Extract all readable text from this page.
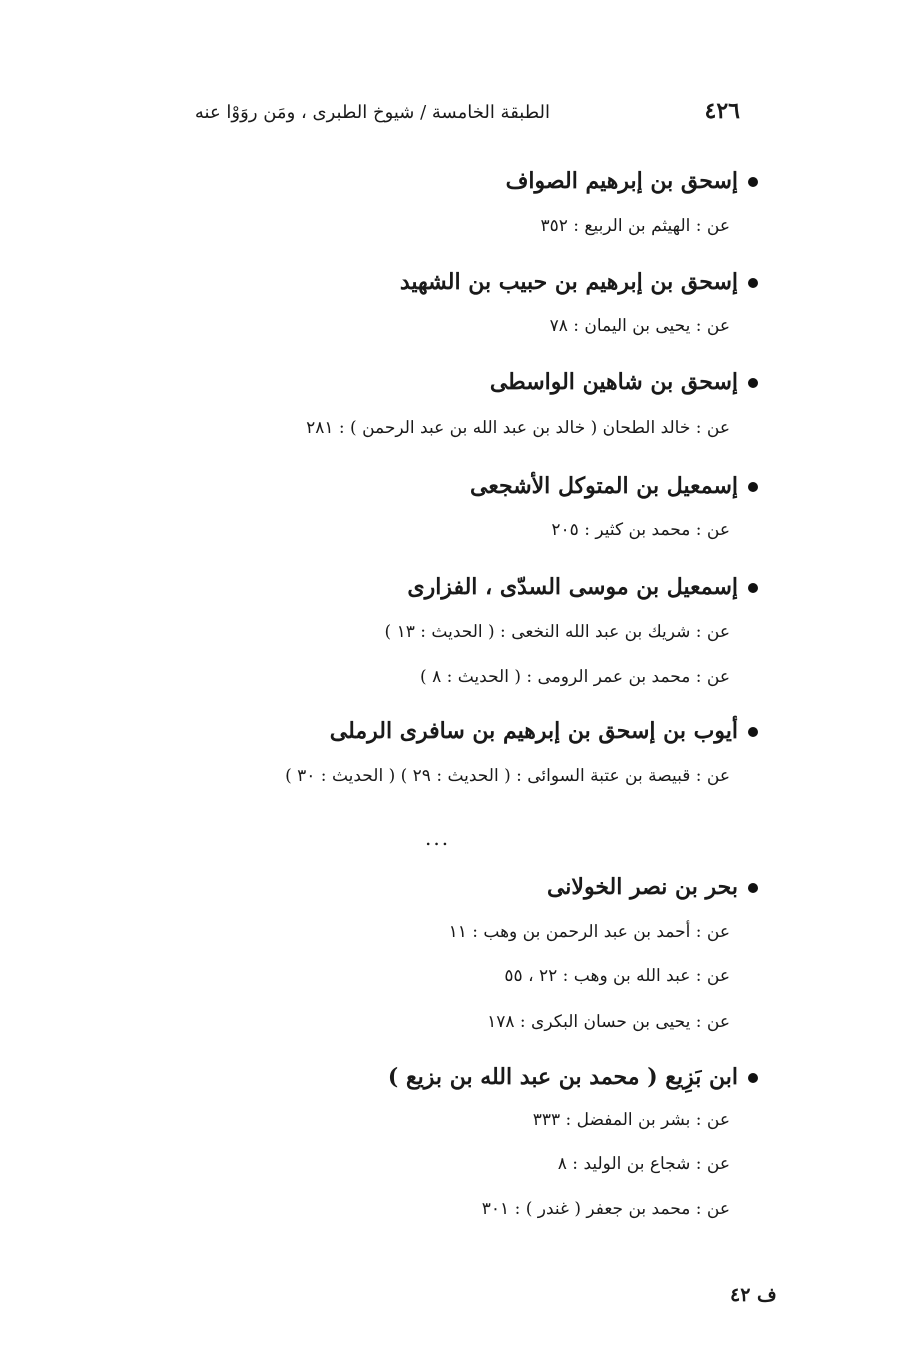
٤٢٦
الطبقة الخامسة / شيوخ الطبرى ، ومَن روَوْا عنه
إسحق بن إبرهيم الصواف
عن : الهيثم بن الربيع : ٣٥٢
إسحق بن إبرهيم بن حبيب بن الشهيد
عن : يحيى بن اليمان : ٧٨
إسحق بن شاهين الواسطى
عن : خالد الطحان ( خالد بن عبد الله بن عبد الرحمن ) : ٢٨١
إسمعيل بن المتوكل الأشجعى
عن : محمد بن كثير : ٢٠٥
إسمعيل بن موسى السدّى ، الفزارى
عن : شريك بن عبد الله النخعى : ( الحديث : ١٣ )
عن : محمد بن عمر الرومى : ( الحديث : ٨ )
أيوب بن إسحق بن إبرهيم بن سافرى الرملى
عن : قبيصة بن عتبة السوائى : ( الحديث : ٢٩ ) ( الحديث : ٣٠ )
...
بحر بن نصر الخولانى
عن : أحمد بن عبد الرحمن بن وهب : ١١
عن : عبد الله بن وهب : ٢٢ ، ٥٥
عن : يحيى بن حسان البكرى : ١٧٨
ابن بَزِيع ( محمد بن عبد الله بن بزيع )
عن : بشر بن المفضل : ٣٣٣
عن : شجاع بن الوليد : ٨
عن : محمد بن جعفر ( غندر ) : ٣٠١
ف ٤٢
